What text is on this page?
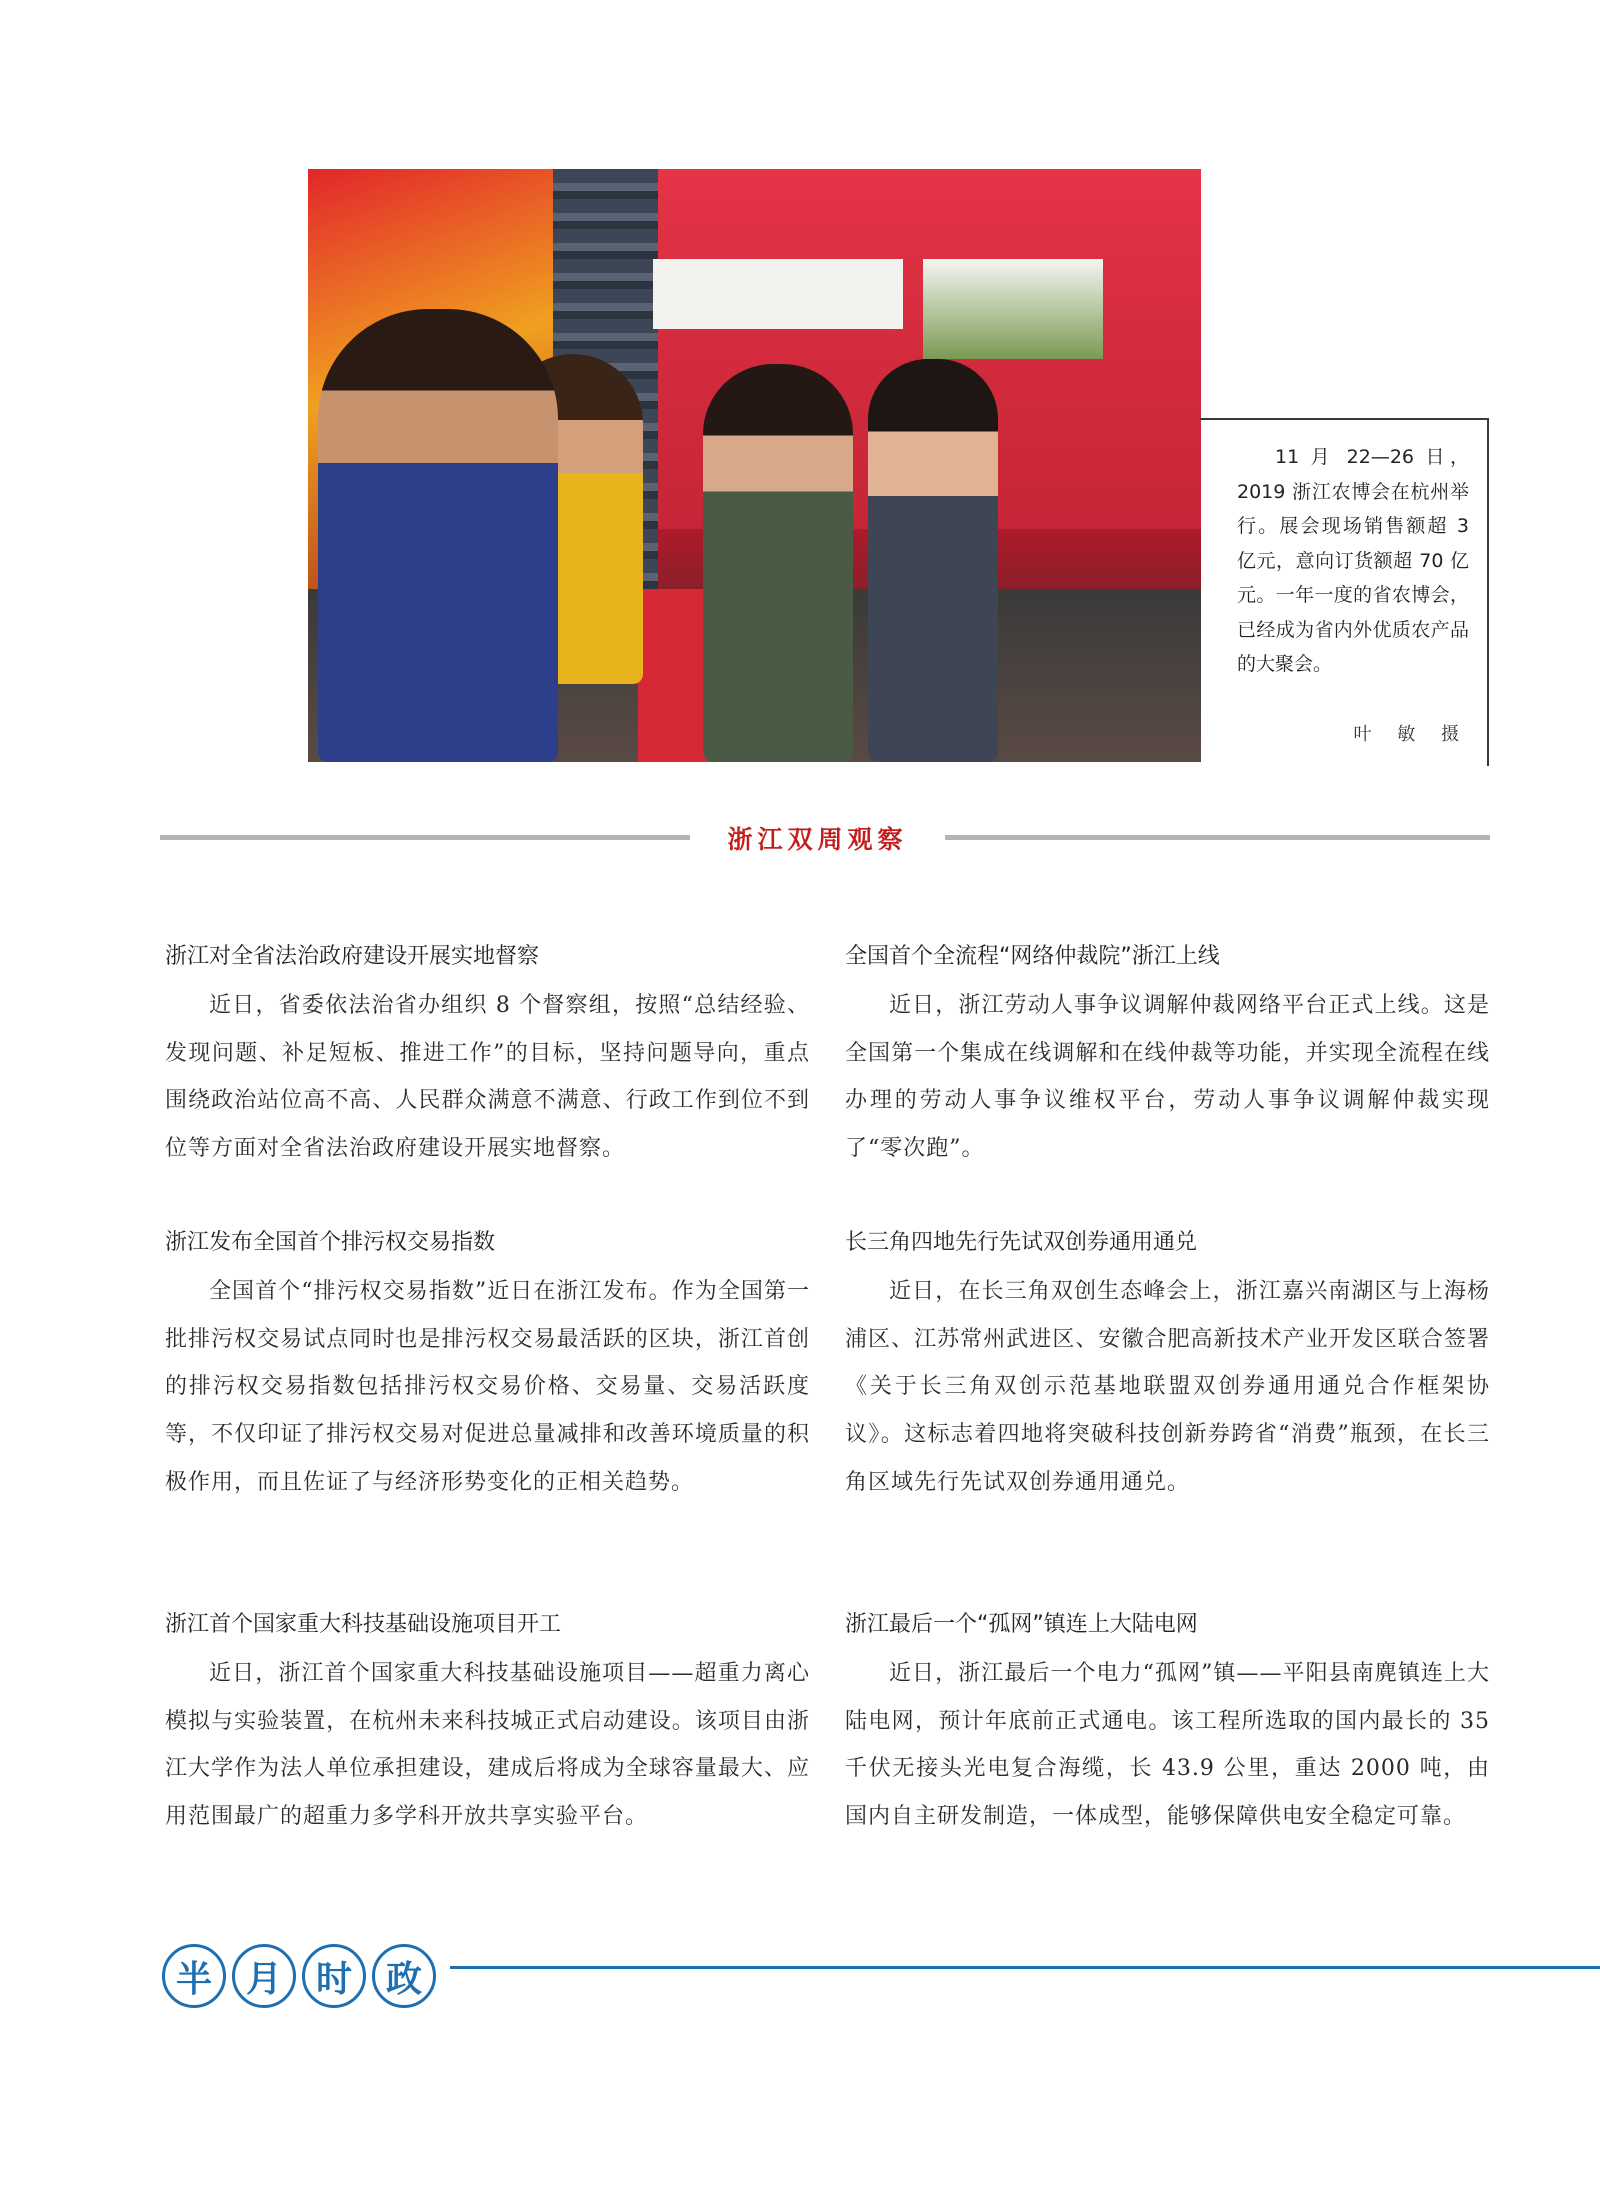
11 月 22—26 日，2019 浙江农博会在杭州举行。展会现场销售额超 3 亿元，意向订货额超 70 亿元。一年一度的省农博会，已经成为省内外优质农产品的大聚会。
叶 敏 摄
浙江双周观察
浙江对全省法治政府建设开展实地督察

近日，省委依法治省办组织 8 个督察组，按照“总结经验、发现问题、补足短板、推进工作”的目标，坚持问题导向，重点围绕政治站位高不高、人民群众满意不满意、行政工作到位不到位等方面对全省法治政府建设开展实地督察。

浙江发布全国首个排污权交易指数

全国首个“排污权交易指数”近日在浙江发布。作为全国第一批排污权交易试点同时也是排污权交易最活跃的区块，浙江首创的排污权交易指数包括排污权交易价格、交易量、交易活跃度等，不仅印证了排污权交易对促进总量减排和改善环境质量的积极作用，而且佐证了与经济形势变化的正相关趋势。

浙江首个国家重大科技基础设施项目开工

近日，浙江首个国家重大科技基础设施项目——超重力离心模拟与实验装置，在杭州未来科技城正式启动建设。该项目由浙江大学作为法人单位承担建设，建成后将成为全球容量最大、应用范围最广的超重力多学科开放共享实验平台。

全国首个全流程“网络仲裁院”浙江上线

近日，浙江劳动人事争议调解仲裁网络平台正式上线。这是全国第一个集成在线调解和在线仲裁等功能，并实现全流程在线办理的劳动人事争议维权平台，劳动人事争议调解仲裁实现了“零次跑”。

长三角四地先行先试双创券通用通兑

近日，在长三角双创生态峰会上，浙江嘉兴南湖区与上海杨浦区、江苏常州武进区、安徽合肥高新技术产业开发区联合签署《关于长三角双创示范基地联盟双创券通用通兑合作框架协议》。这标志着四地将突破科技创新券跨省“消费”瓶颈，在长三角区域先行先试双创券通用通兑。

浙江最后一个“孤网”镇连上大陆电网

近日，浙江最后一个电力“孤网”镇——平阳县南麂镇连上大陆电网，预计年底前正式通电。该工程所选取的国内最长的 35 千伏无接头光电复合海缆，长 43.9 公里，重达 2000 吨，由国内自主研发制造，一体成型，能够保障供电安全稳定可靠。

半 月 时 政
